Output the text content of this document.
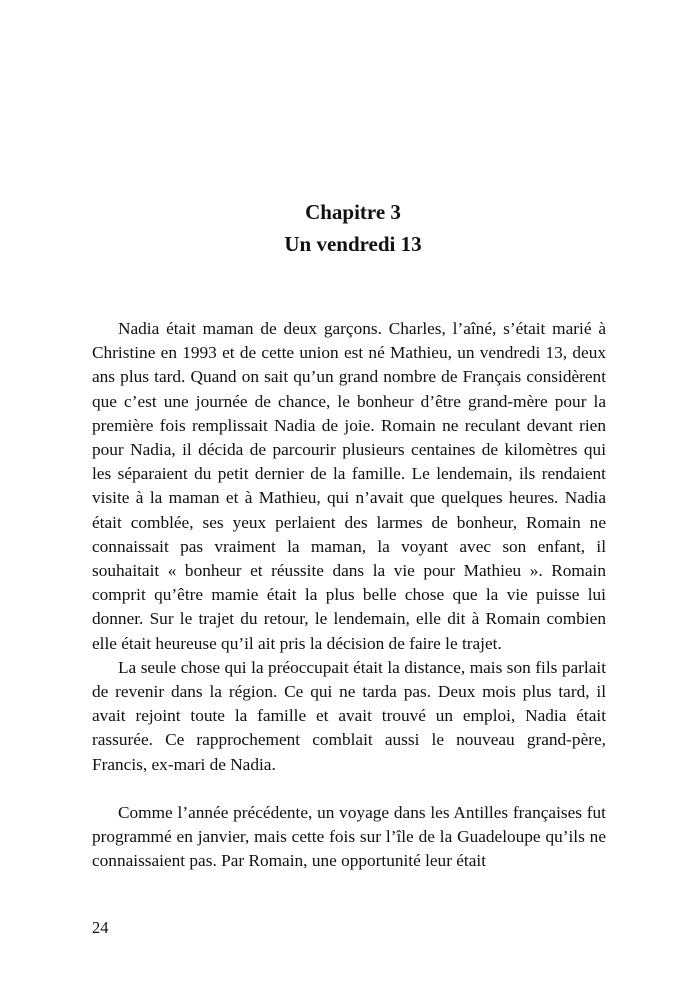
Chapitre 3
Un vendredi 13

Nadia était maman de deux garçons. Charles, l’aîné, s’était marié à Christine en 1993 et de cette union est né Mathieu, un vendredi 13, deux ans plus tard. Quand on sait qu’un grand nombre de Français considèrent que c’est une journée de chance, le bonheur d’être grand-mère pour la première fois remplissait Nadia de joie. Romain ne reculant devant rien pour Nadia, il décida de parcourir plusieurs centaines de kilomètres qui les séparaient du petit dernier de la famille. Le lendemain, ils rendaient visite à la maman et à Mathieu, qui n’avait que quelques heures. Nadia était comblée, ses yeux perlaient des larmes de bonheur, Romain ne connaissait pas vraiment la maman, la voyant avec son enfant, il souhaitait « bonheur et réussite dans la vie pour Mathieu ». Romain comprit qu’être mamie était la plus belle chose que la vie puisse lui donner. Sur le trajet du retour, le lendemain, elle dit à Romain combien elle était heureuse qu’il ait pris la décision de faire le trajet.

La seule chose qui la préoccupait était la distance, mais son fils parlait de revenir dans la région. Ce qui ne tarda pas. Deux mois plus tard, il avait rejoint toute la famille et avait trouvé un emploi, Nadia était rassurée. Ce rapprochement comblait aussi le nouveau grand-père, Francis, ex-mari de Nadia.

Comme l’année précédente, un voyage dans les Antilles françaises fut programmé en janvier, mais cette fois sur l’île de la Guadeloupe qu’ils ne connaissaient pas. Par Romain, une opportunité leur était

24
